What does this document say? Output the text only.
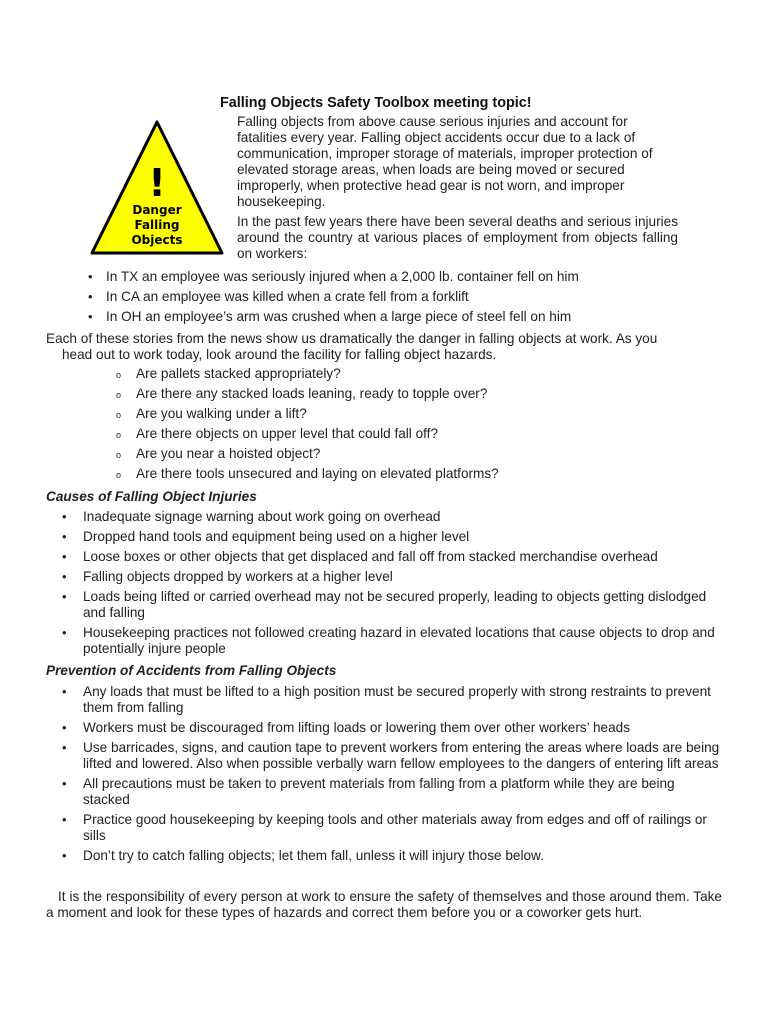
Falling Objects Safety Toolbox meeting topic!
!
Danger
Falling
Objects

Falling objects from above cause serious injuries and account for fatalities every year. Falling object accidents occur due to a lack of communication, improper storage of materials, improper protection of elevated storage areas, when loads are being moved or secured improperly, when protective head gear is not worn, and improper housekeeping.

In the past few years there have been several deaths and serious injuries around the country at various places of employment from objects falling on workers:

• In TX an employee was seriously injured when a 2,000 lb. container fell on him
• In CA an employee was killed when a crate fell from a forklift
• In OH an employee’s arm was crushed when a large piece of steel fell on him

Each of these stories from the news show us dramatically the danger in falling objects at work. As you
head out to work today, look around the facility for falling object hazards.

o Are pallets stacked appropriately?
o Are there any stacked loads leaning, ready to topple over?
o Are you walking under a lift?
o Are there objects on upper level that could fall off?
o Are you near a hoisted object?
o Are there tools unsecured and laying on elevated platforms?
Causes of Falling Object Injuries
• Inadequate signage warning about work going on overhead
• Dropped hand tools and equipment being used on a higher level
• Loose boxes or other objects that get displaced and fall off from stacked merchandise overhead
• Falling objects dropped by workers at a higher level
• Loads being lifted or carried overhead may not be secured properly, leading to objects getting dislodged and falling
• Housekeeping practices not followed creating hazard in elevated locations that cause objects to drop and potentially injure people
Prevention of Accidents from Falling Objects
• Any loads that must be lifted to a high position must be secured properly with strong restraints to prevent them from falling
• Workers must be discouraged from lifting loads or lowering them over other workers’ heads
• Use barricades, signs, and caution tape to prevent workers from entering the areas where loads are being lifted and lowered. Also when possible verbally warn fellow employees to the dangers of entering lift areas
• All precautions must be taken to prevent materials from falling from a platform while they are being stacked
• Practice good housekeeping by keeping tools and other materials away from edges and off of railings or sills
• Don’t try to catch falling objects; let them fall, unless it will injury those below.

It is the responsibility of every person at work to ensure the safety of themselves and those around them. Take a moment and look for these types of hazards and correct them before you or a coworker gets hurt.
